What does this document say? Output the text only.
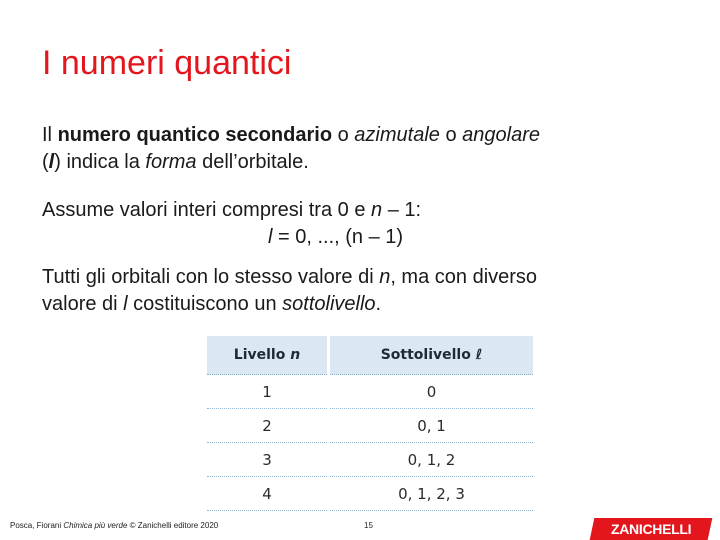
I numeri quantici
Il numero quantico secondario o azimutale o angolare
(l) indica la forma dell’orbitale.
Assume valori interi compresi tra 0 e n – 1:
l = 0, ..., (n – 1)
Tutti gli orbitali con lo stesso valore di n, ma con diverso
valore di l costituiscono un sottolivello.
Livello n	Sottolivello ℓ
1	0
2	0, 1
3	0, 1, 2
4	0, 1, 2, 3
Posca, Fiorani Chimica più verde © Zanichelli editore 2020	15	ZANICHELLI
